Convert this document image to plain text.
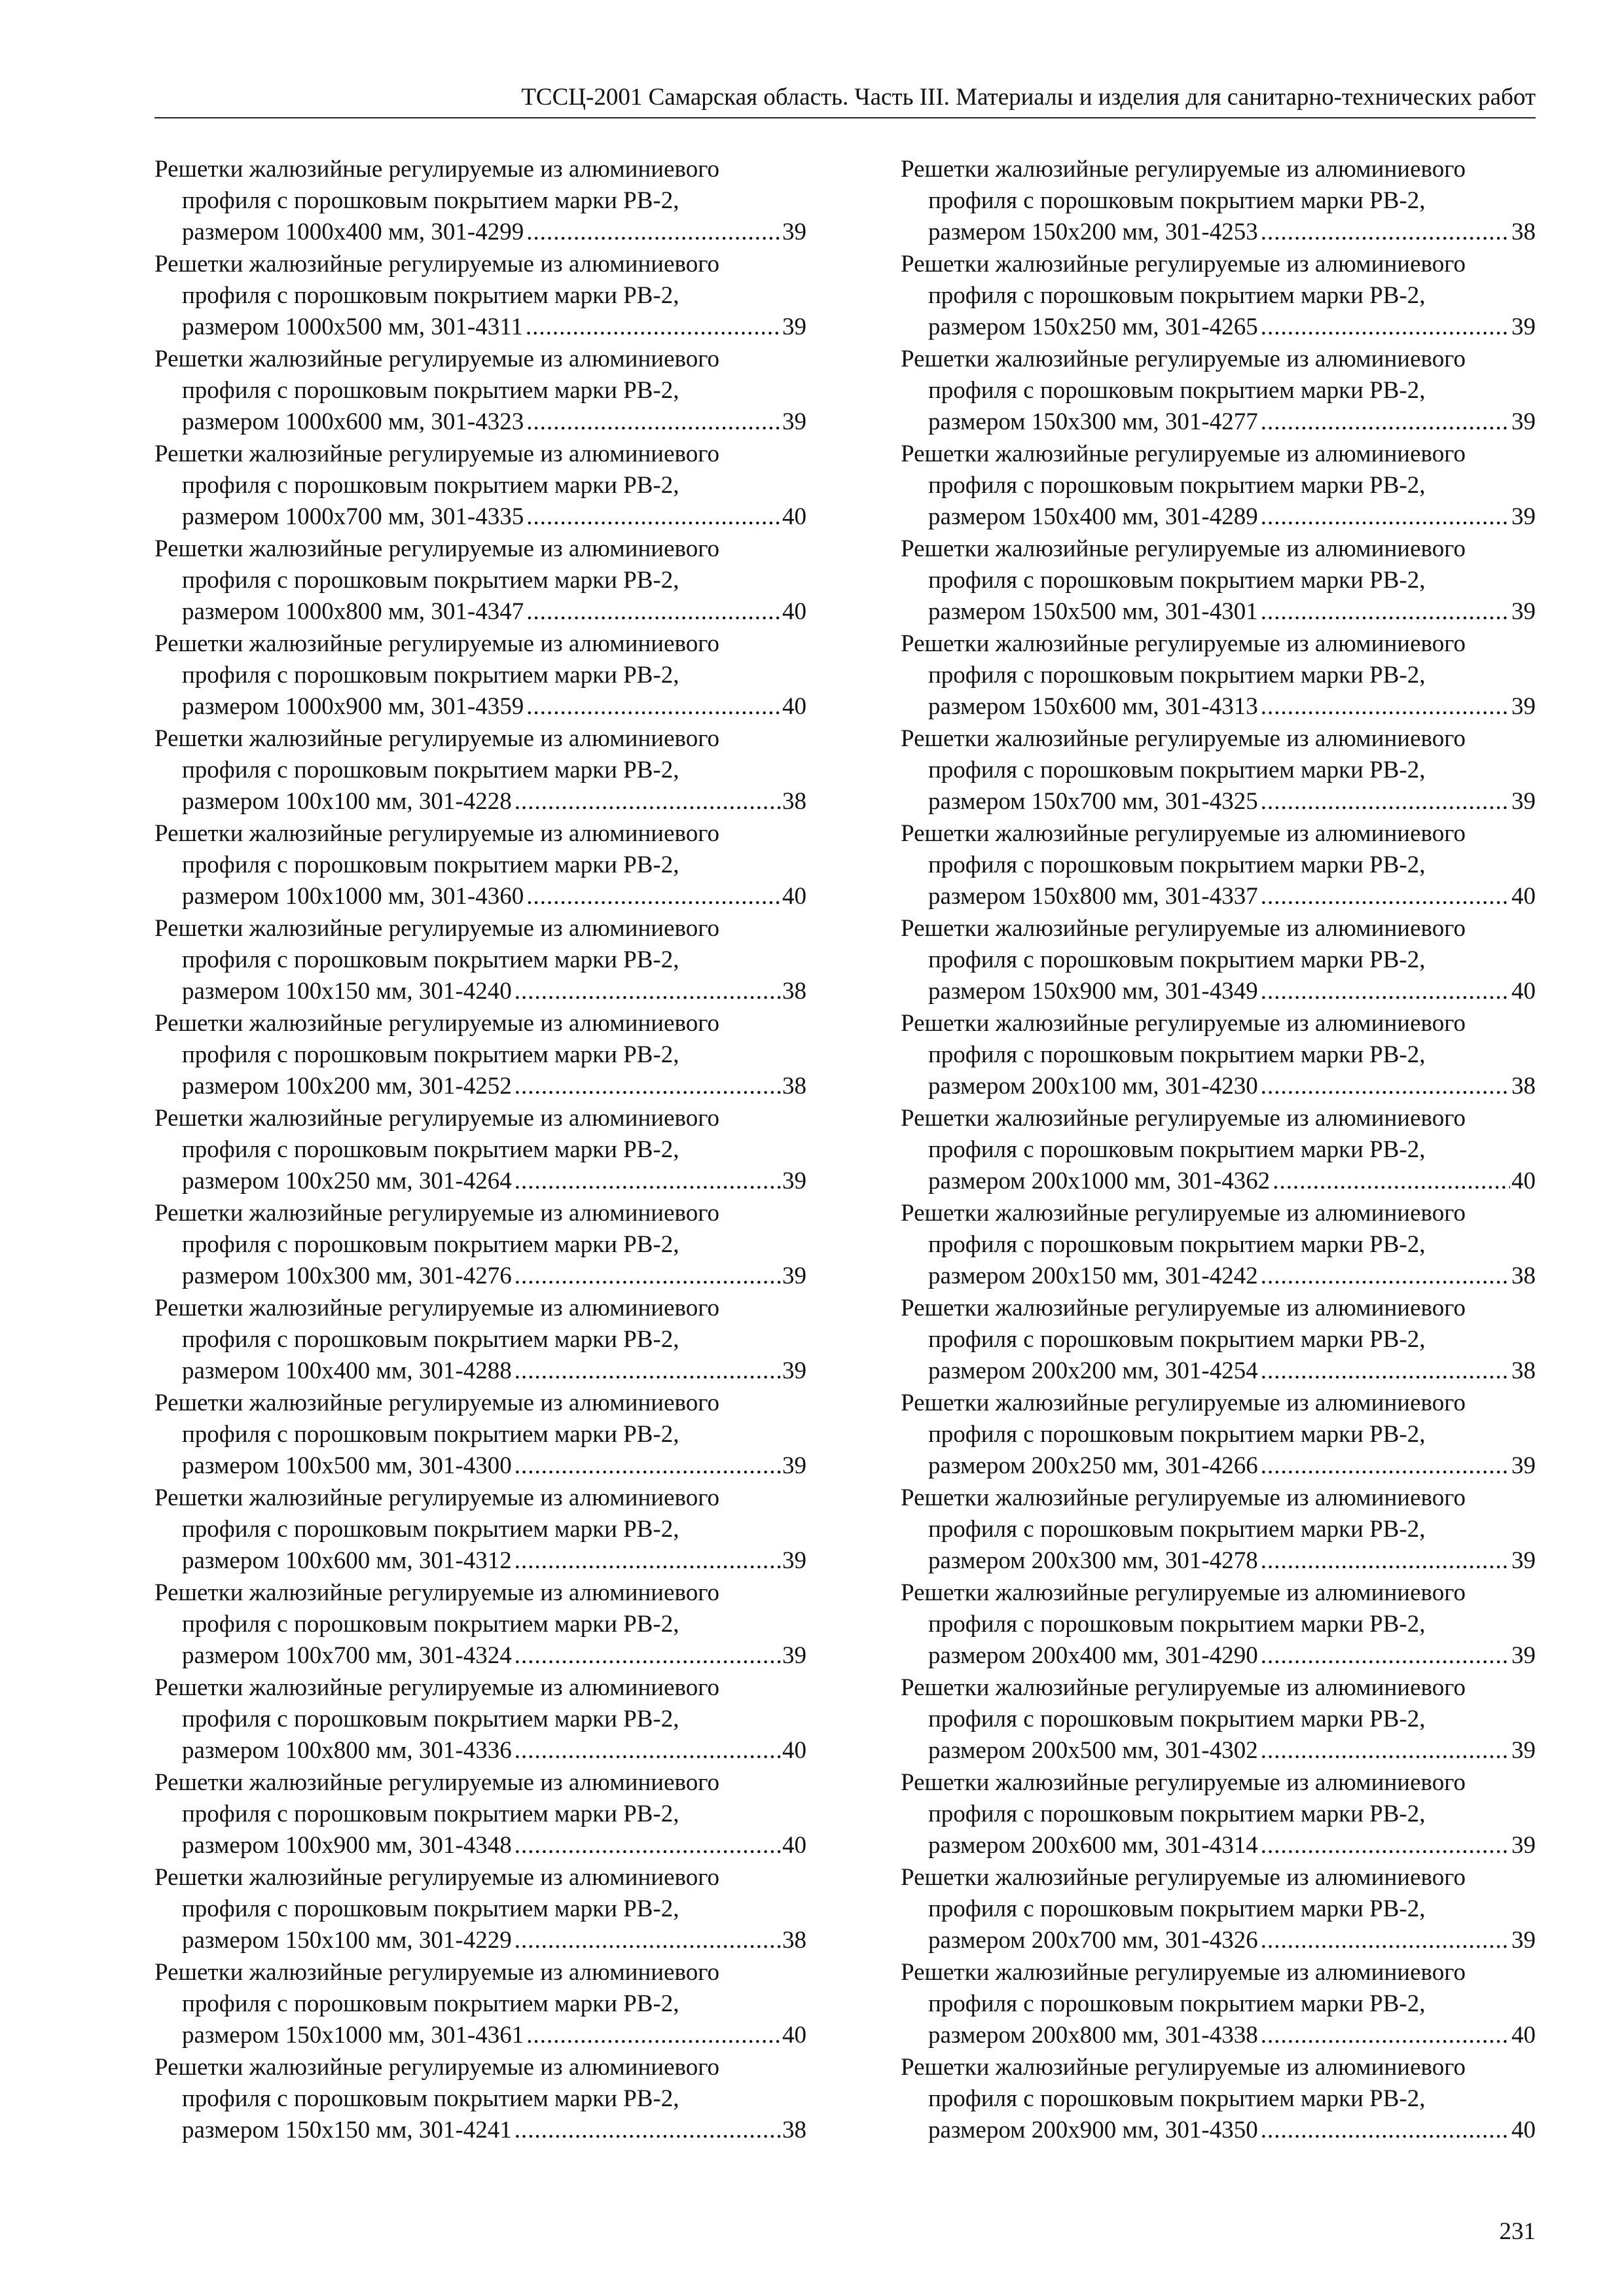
ТССЦ-2001 Самарская область. Часть III. Материалы и изделия для санитарно-технических работ
Решетки жалюзийные регулируемые из алюминиевого
профиля с порошковым покрытием марки РВ-2,
размером 1000х400 мм, 301-4299 .....	39
Решетки жалюзийные регулируемые из алюминиевого
профиля с порошковым покрытием марки РВ-2,
размером 1000х500 мм, 301-4311 .....	39
Решетки жалюзийные регулируемые из алюминиевого
профиля с порошковым покрытием марки РВ-2,
размером 1000х600 мм, 301-4323 .....	39
Решетки жалюзийные регулируемые из алюминиевого
профиля с порошковым покрытием марки РВ-2,
размером 1000х700 мм, 301-4335 .....	40
Решетки жалюзийные регулируемые из алюминиевого
профиля с порошковым покрытием марки РВ-2,
размером 1000х800 мм, 301-4347 .....	40
Решетки жалюзийные регулируемые из алюминиевого
профиля с порошковым покрытием марки РВ-2,
размером 1000х900 мм, 301-4359 .....	40
Решетки жалюзийные регулируемые из алюминиевого
профиля с порошковым покрытием марки РВ-2,
размером 100х100 мм, 301-4228 .....	38
Решетки жалюзийные регулируемые из алюминиевого
профиля с порошковым покрытием марки РВ-2,
размером 100х1000 мм, 301-4360 .....	40
Решетки жалюзийные регулируемые из алюминиевого
профиля с порошковым покрытием марки РВ-2,
размером 100х150 мм, 301-4240 .....	38
Решетки жалюзийные регулируемые из алюминиевого
профиля с порошковым покрытием марки РВ-2,
размером 100х200 мм, 301-4252 .....	38
Решетки жалюзийные регулируемые из алюминиевого
профиля с порошковым покрытием марки РВ-2,
размером 100х250 мм, 301-4264 .....	39
Решетки жалюзийные регулируемые из алюминиевого
профиля с порошковым покрытием марки РВ-2,
размером 100х300 мм, 301-4276 .....	39
Решетки жалюзийные регулируемые из алюминиевого
профиля с порошковым покрытием марки РВ-2,
размером 100х400 мм, 301-4288 .....	39
Решетки жалюзийные регулируемые из алюминиевого
профиля с порошковым покрытием марки РВ-2,
размером 100х500 мм, 301-4300 .....	39
Решетки жалюзийные регулируемые из алюминиевого
профиля с порошковым покрытием марки РВ-2,
размером 100х600 мм, 301-4312 .....	39
Решетки жалюзийные регулируемые из алюминиевого
профиля с порошковым покрытием марки РВ-2,
размером 100х700 мм, 301-4324 .....	39
Решетки жалюзийные регулируемые из алюминиевого
профиля с порошковым покрытием марки РВ-2,
размером 100х800 мм, 301-4336 .....	40
Решетки жалюзийные регулируемые из алюминиевого
профиля с порошковым покрытием марки РВ-2,
размером 100х900 мм, 301-4348 .....	40
Решетки жалюзийные регулируемые из алюминиевого
профиля с порошковым покрытием марки РВ-2,
размером 150х100 мм, 301-4229 .....	38
Решетки жалюзийные регулируемые из алюминиевого
профиля с порошковым покрытием марки РВ-2,
размером 150х1000 мм, 301-4361 .....	40
Решетки жалюзийные регулируемые из алюминиевого
профиля с порошковым покрытием марки РВ-2,
размером 150х150 мм, 301-4241 .....	38
Решетки жалюзийные регулируемые из алюминиевого
профиля с порошковым покрытием марки РВ-2,
размером 150х200 мм, 301-4253 .....	38
Решетки жалюзийные регулируемые из алюминиевого
профиля с порошковым покрытием марки РВ-2,
размером 150х250 мм, 301-4265 .....	39
Решетки жалюзийные регулируемые из алюминиевого
профиля с порошковым покрытием марки РВ-2,
размером 150х300 мм, 301-4277 .....	39
Решетки жалюзийные регулируемые из алюминиевого
профиля с порошковым покрытием марки РВ-2,
размером 150х400 мм, 301-4289 .....	39
Решетки жалюзийные регулируемые из алюминиевого
профиля с порошковым покрытием марки РВ-2,
размером 150х500 мм, 301-4301 .....	39
Решетки жалюзийные регулируемые из алюминиевого
профиля с порошковым покрытием марки РВ-2,
размером 150х600 мм, 301-4313 .....	39
Решетки жалюзийные регулируемые из алюминиевого
профиля с порошковым покрытием марки РВ-2,
размером 150х700 мм, 301-4325 .....	39
Решетки жалюзийные регулируемые из алюминиевого
профиля с порошковым покрытием марки РВ-2,
размером 150х800 мм, 301-4337 .....	40
Решетки жалюзийные регулируемые из алюминиевого
профиля с порошковым покрытием марки РВ-2,
размером 150х900 мм, 301-4349 .....	40
Решетки жалюзийные регулируемые из алюминиевого
профиля с порошковым покрытием марки РВ-2,
размером 200х100 мм, 301-4230 .....	38
Решетки жалюзийные регулируемые из алюминиевого
профиля с порошковым покрытием марки РВ-2,
размером 200х1000 мм, 301-4362 .....	40
Решетки жалюзийные регулируемые из алюминиевого
профиля с порошковым покрытием марки РВ-2,
размером 200х150 мм, 301-4242 .....	38
Решетки жалюзийные регулируемые из алюминиевого
профиля с порошковым покрытием марки РВ-2,
размером 200х200 мм, 301-4254 .....	38
Решетки жалюзийные регулируемые из алюминиевого
профиля с порошковым покрытием марки РВ-2,
размером 200х250 мм, 301-4266 .....	39
Решетки жалюзийные регулируемые из алюминиевого
профиля с порошковым покрытием марки РВ-2,
размером 200х300 мм, 301-4278 .....	39
Решетки жалюзийные регулируемые из алюминиевого
профиля с порошковым покрытием марки РВ-2,
размером 200х400 мм, 301-4290 .....	39
Решетки жалюзийные регулируемые из алюминиевого
профиля с порошковым покрытием марки РВ-2,
размером 200х500 мм, 301-4302 .....	39
Решетки жалюзийные регулируемые из алюминиевого
профиля с порошковым покрытием марки РВ-2,
размером 200х600 мм, 301-4314 .....	39
Решетки жалюзийные регулируемые из алюминиевого
профиля с порошковым покрытием марки РВ-2,
размером 200х700 мм, 301-4326 .....	39
Решетки жалюзийные регулируемые из алюминиевого
профиля с порошковым покрытием марки РВ-2,
размером 200х800 мм, 301-4338 .....	40
Решетки жалюзийные регулируемые из алюминиевого
профиля с порошковым покрытием марки РВ-2,
размером 200х900 мм, 301-4350 .....	40
231
